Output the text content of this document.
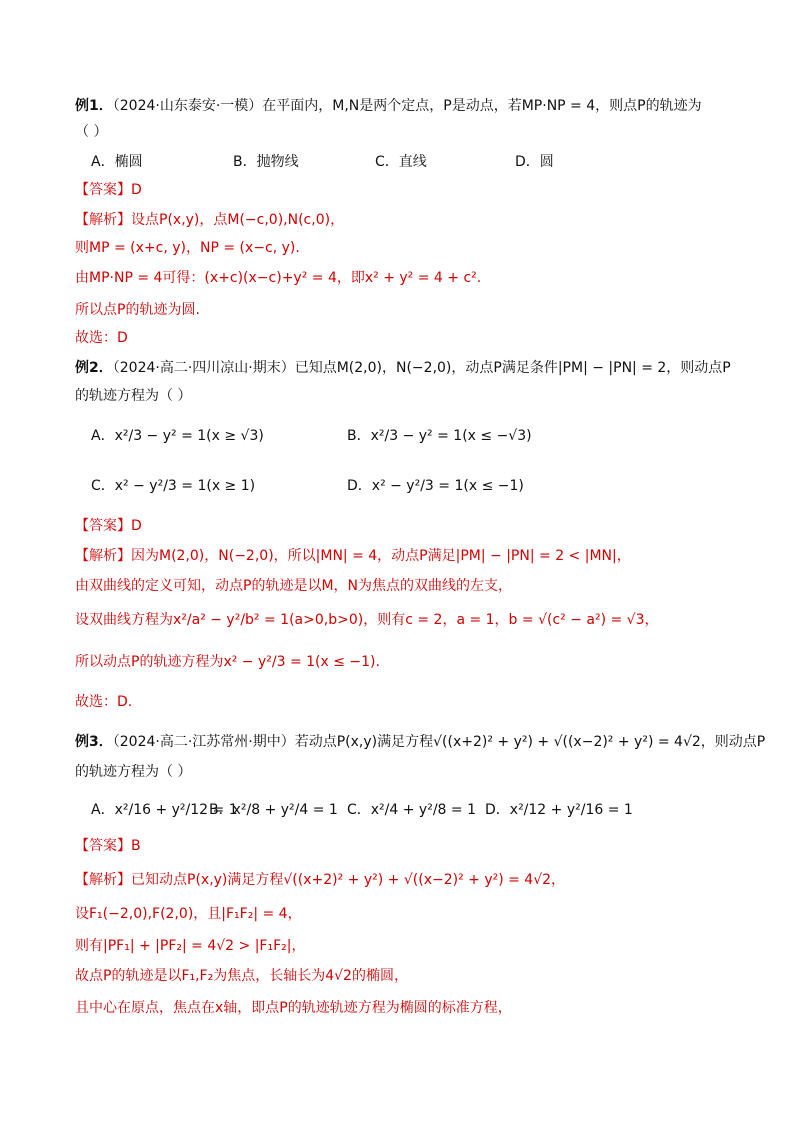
例1．（2024·山东泰安·一模）在平面内，M,N是两个定点，P是动点，若MP·NP = 4，则点P的轨迹为
（ ）
A．椭圆	B．抛物线	C．直线	D．圆
【答案】D
【解析】设点P(x,y)，点M(−c,0),N(c,0)，
则MP = (x+c, y)，NP = (x−c, y).
由MP·NP = 4可得：(x+c)(x−c)+y² = 4，即x² + y² = 4 + c².
所以点P的轨迹为圆.
故选：D
例2．（2024·高二·四川凉山·期末）已知点M(2,0)，N(−2,0)，动点P满足条件|PM| − |PN| = 2，则动点P
的轨迹方程为（ ）
A．x²/3 − y² = 1(x ≥ √3)	B．x²/3 − y² = 1(x ≤ −√3)
C．x² − y²/3 = 1(x ≥ 1)	D．x² − y²/3 = 1(x ≤ −1)
【答案】D
【解析】因为M(2,0)，N(−2,0)，所以|MN| = 4，动点P满足|PM| − |PN| = 2 < |MN|，
由双曲线的定义可知，动点P的轨迹是以M，N为焦点的双曲线的左支，
设双曲线方程为x²/a² − y²/b² = 1(a>0,b>0)，则有c = 2，a = 1，b = √(c² − a²) = √3，
所以动点P的轨迹方程为x² − y²/3 = 1(x ≤ −1).
故选：D.
例3．（2024·高二·江苏常州·期中）若动点P(x,y)满足方程√((x+2)² + y²) + √((x−2)² + y²) = 4√2，则动点P
的轨迹方程为（ ）
A．x²/16 + y²/12 = 1
B．x²/8 + y²/4 = 1 C．x²/4 + y²/8 = 1 D．x²/12 + y²/16 = 1
【答案】B
【解析】已知动点P(x,y)满足方程√((x+2)² + y²) + √((x−2)² + y²) = 4√2，
设F₁(−2,0),F(2,0)，且|F₁F₂| = 4，
则有|PF₁| + |PF₂| = 4√2 > |F₁F₂|，
故点P的轨迹是以F₁,F₂为焦点，长轴长为4√2的椭圆，
且中心在原点，焦点在x轴，即点P的轨迹轨迹方程为椭圆的标准方程，
